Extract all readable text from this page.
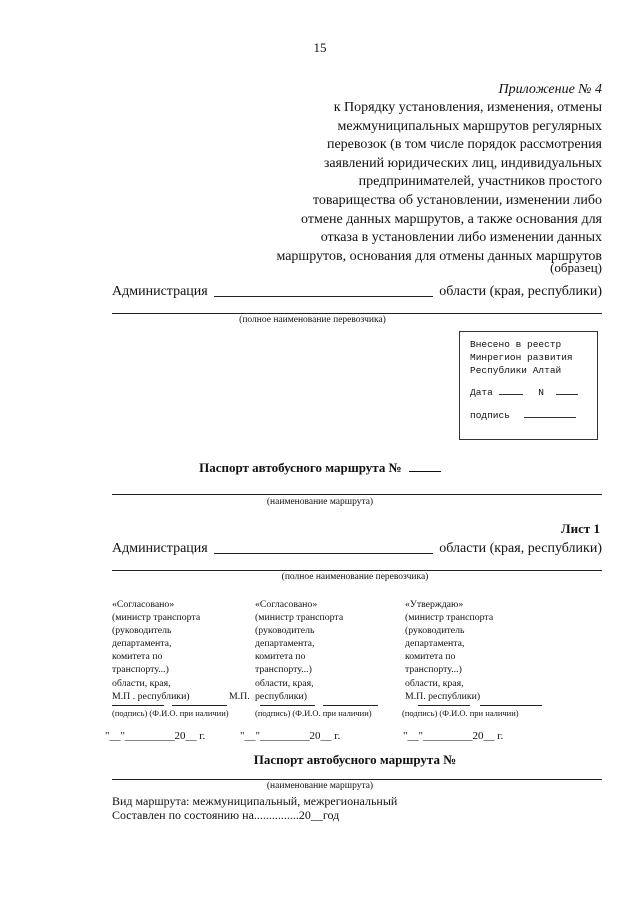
15
Приложение № 4
к Порядку установления, изменения, отмены
межмуниципальных маршрутов регулярных
перевозок (в том числе порядок рассмотрения
заявлений юридических лиц, индивидуальных
предпринимателей, участников простого
товарищества об установлении, изменении либо
отмене данных маршрутов, а также основания для
отказа в установлении либо изменении данных
маршрутов, основания для отмены данных маршрутов
(образец)
Администрация	области (края, республики)
(полное наименование перевозчика)
Внесено в реестр
Минрегион развития
Республики Алтай
Дата	N
подпись
Паспорт автобусного маршрута №
(наименование маршрута)
Лист 1
Администрация	области (края, республики)
(полное наименование перевозчика)
«Согласовано»
(министр транспорта
(руководитель
департамента,
комитета по
транспорту...)
области, края,
М.П . республики)
«Согласовано»
(министр транспорта
(руководитель
департамента,
комитета по
транспорту...)
области, края,
республики)
М.П.
«Утверждаю»
(министр транспорта
(руководитель
департамента,
комитета по
транспорту...)
области, края,
М.П. республики)
(подпись) (Ф.И.О. при наличии)	(подпись) (Ф.И.О. при наличии)	(подпись) (Ф.И.О. при наличии)
"__"_________20__ г.	"__"_________20__ г.	"__"_________20__ г.
Паспорт автобусного маршрута №
(наименование маршрута)
Вид маршрута: межмуниципальный, межрегиональный
Составлен по состоянию на...............20__год
